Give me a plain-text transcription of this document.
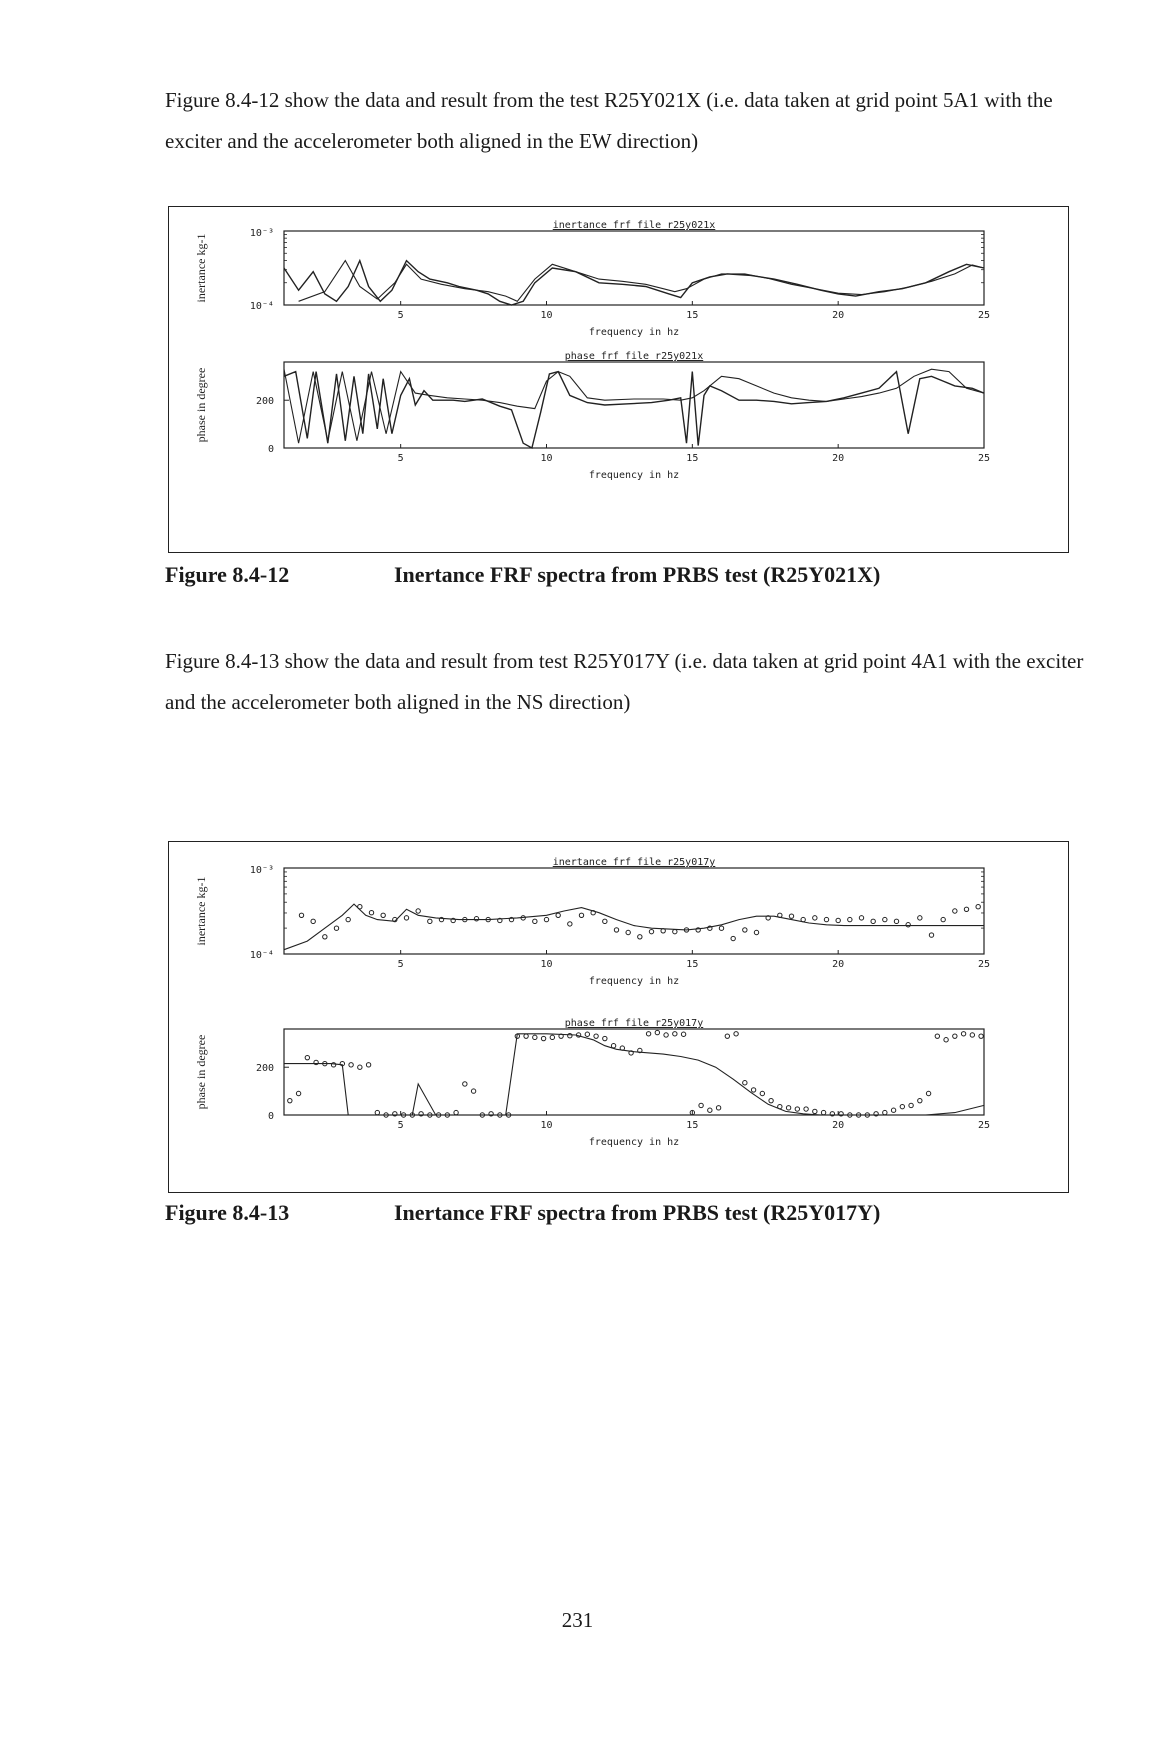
Figure 8.4-12 show the data and result from the test R25Y021X (i.e. data taken at grid point 5A1 with the exciter and the accelerometer both aligned in the EW direction)

inertance frf file r25y021x
5	10	15	20	25
frequency in hz
10⁻³
10⁻⁴
inertance kg-1
phase frf file r25y021x
5	10	15	20	25
frequency in hz
0
200
phase in degree
Figure 8.4-12	Inertance FRF spectra from PRBS test (R25Y021X)

Figure 8.4-13 show the data and result from test R25Y017Y (i.e. data taken at grid point 4A1 with the exciter and the accelerometer both aligned in the NS direction)

inertance frf file r25y017y
5	10	15	20	25
frequency in hz
10⁻³
10⁻⁴
inertance kg-1
phase frf file r25y017y
5	10	15	20	25
frequency in hz
0
200
phase in degree
Figure 8.4-13	Inertance FRF spectra from PRBS test (R25Y017Y)
231
